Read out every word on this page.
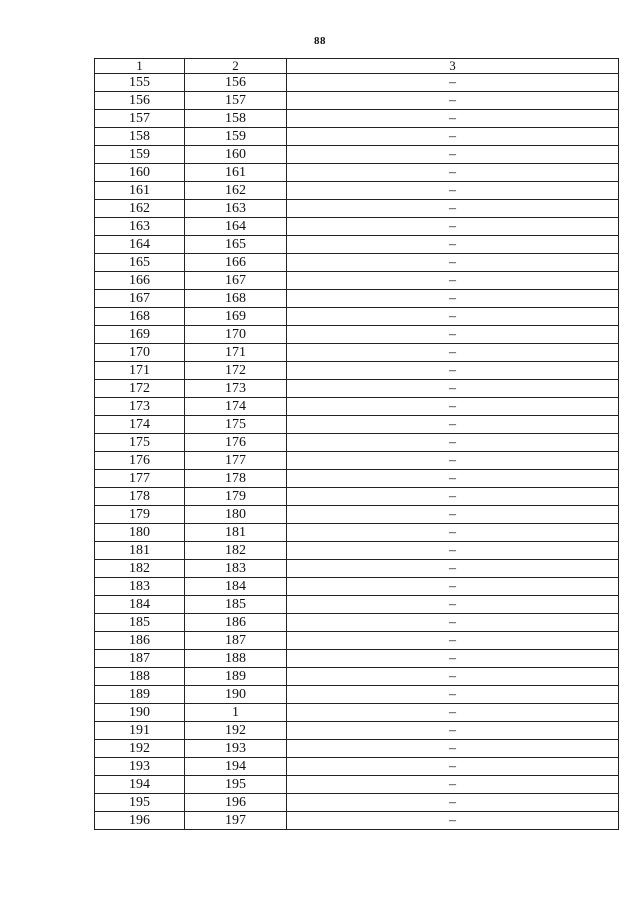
88
1	2	3
155	156	–
156	157	–
157	158	–
158	159	–
159	160	–
160	161	–
161	162	–
162	163	–
163	164	–
164	165	–
165	166	–
166	167	–
167	168	–
168	169	–
169	170	–
170	171	–
171	172	–
172	173	–
173	174	–
174	175	–
175	176	–
176	177	–
177	178	–
178	179	–
179	180	–
180	181	–
181	182	–
182	183	–
183	184	–
184	185	–
185	186	–
186	187	–
187	188	–
188	189	–
189	190	–
190	1	–
191	192	–
192	193	–
193	194	–
194	195	–
195	196	–
196	197	–
